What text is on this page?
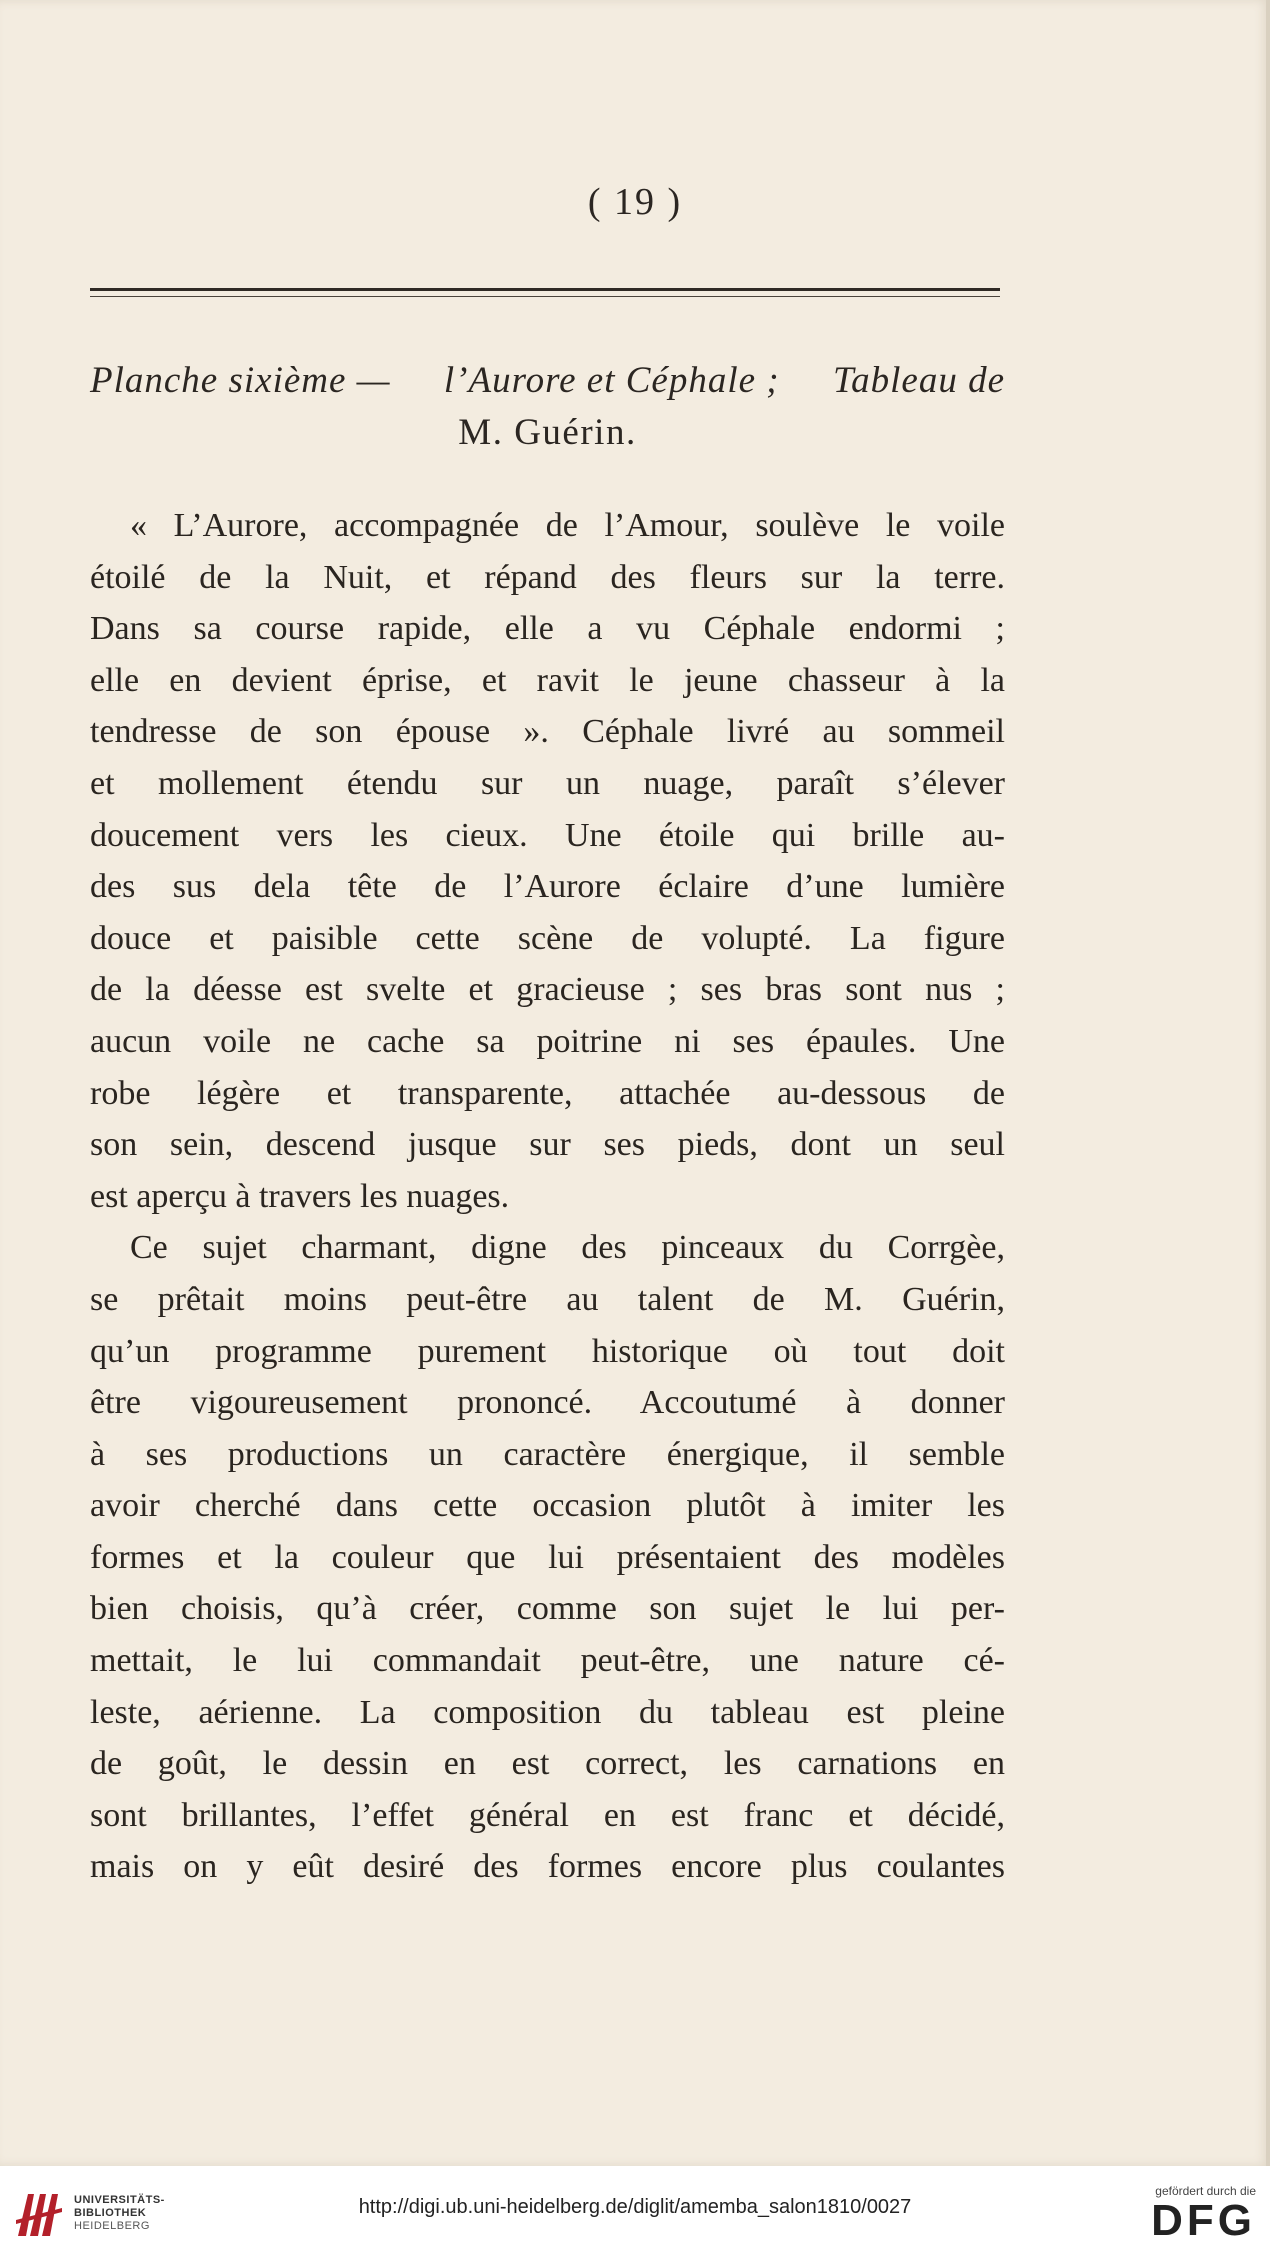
( 19 )
Planche sixième — l’Aurore et Céphale ; Tableau de
M. Guérin.

« L’Aurore, accompagnée de l’Amour, soulève le voile
étoilé de la Nuit, et répand des fleurs sur la terre.
Dans sa course rapide, elle a vu Céphale endormi ;
elle en devient éprise, et ravit le jeune chasseur à la
tendresse de son épouse ». Céphale livré au sommeil
et mollement étendu sur un nuage, paraît s’élever
doucement vers les cieux. Une étoile qui brille au-
des sus dela tête de l’Aurore éclaire d’une lumière
douce et paisible cette scène de volupté. La figure
de la déesse est svelte et gracieuse ; ses bras sont nus ;
aucun voile ne cache sa poitrine ni ses épaules. Une
robe légère et transparente, attachée au-dessous de
son sein, descend jusque sur ses pieds, dont un seul
est aperçu à travers les nuages.

Ce sujet charmant, digne des pinceaux du Corrgèe,
se prêtait moins peut-être au talent de M. Guérin,
qu’un programme purement historique où tout doit
être vigoureusement prononcé. Accoutumé à donner
à ses productions un caractère énergique, il semble
avoir cherché dans cette occasion plutôt à imiter les
formes et la couleur que lui présentaient des modèles
bien choisis, qu’à créer, comme son sujet le lui per-
mettait, le lui commandait peut-être, une nature cé-
leste, aérienne. La composition du tableau est pleine
de goût, le dessin en est correct, les carnations en
sont brillantes, l’effet général en est franc et décidé,
mais on y eût desiré des formes encore plus coulantes

UNIVERSITÄTS-
BIBLIOTHEK
HEIDELBERG
http://digi.ub.uni-heidelberg.de/diglit/amemba_salon1810/0027
gefördert durch die
DFG
